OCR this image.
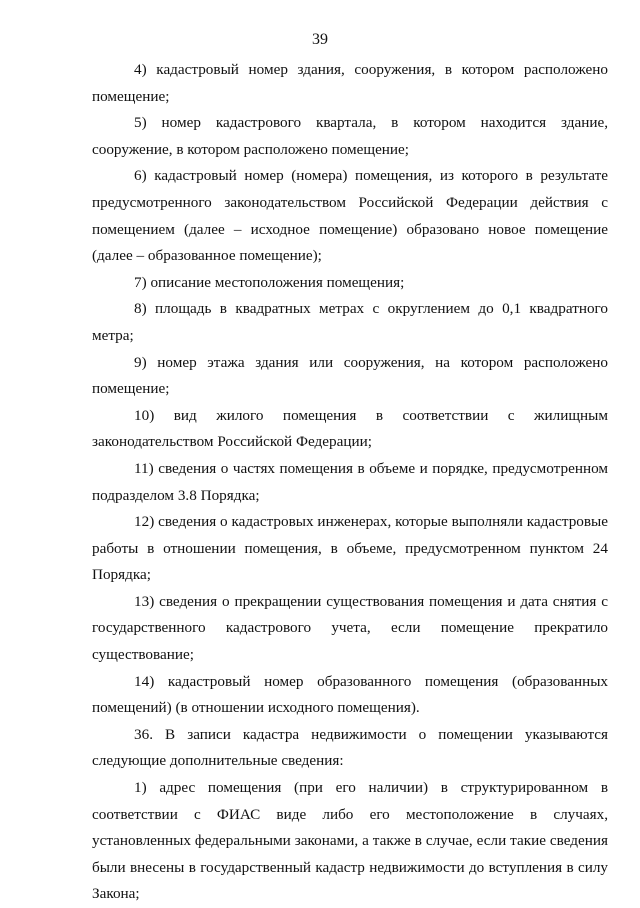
39

4) кадастровый номер здания, сооружения, в котором расположено помещение;

5) номер кадастрового квартала, в котором находится здание, сооружение, в котором расположено помещение;

6) кадастровый номер (номера) помещения, из которого в результате предусмотренного законодательством Российской Федерации действия с помещением (далее – исходное помещение) образовано новое помещение (далее – образованное помещение);

7) описание местоположения помещения;

8) площадь в квадратных метрах с округлением до 0,1 квадратного метра;

9) номер этажа здания или сооружения, на котором расположено помещение;

10) вид жилого помещения в соответствии с жилищным законодательством Российской Федерации;

11) сведения о частях помещения в объеме и порядке, предусмотренном подразделом 3.8 Порядка;

12) сведения о кадастровых инженерах, которые выполняли кадастровые работы в отношении помещения, в объеме, предусмотренном пунктом 24 Порядка;

13) сведения о прекращении существования помещения и дата снятия с государственного кадастрового учета, если помещение прекратило существование;

14) кадастровый номер образованного помещения (образованных помещений) (в отношении исходного помещения).

36. В записи кадастра недвижимости о помещении указываются следующие дополнительные сведения:

1) адрес помещения (при его наличии) в структурированном в соответствии с ФИАС виде либо его местоположение в случаях, установленных федеральными законами, а также в случае, если такие сведения были внесены в государственный кадастр недвижимости до вступления в силу Закона;
